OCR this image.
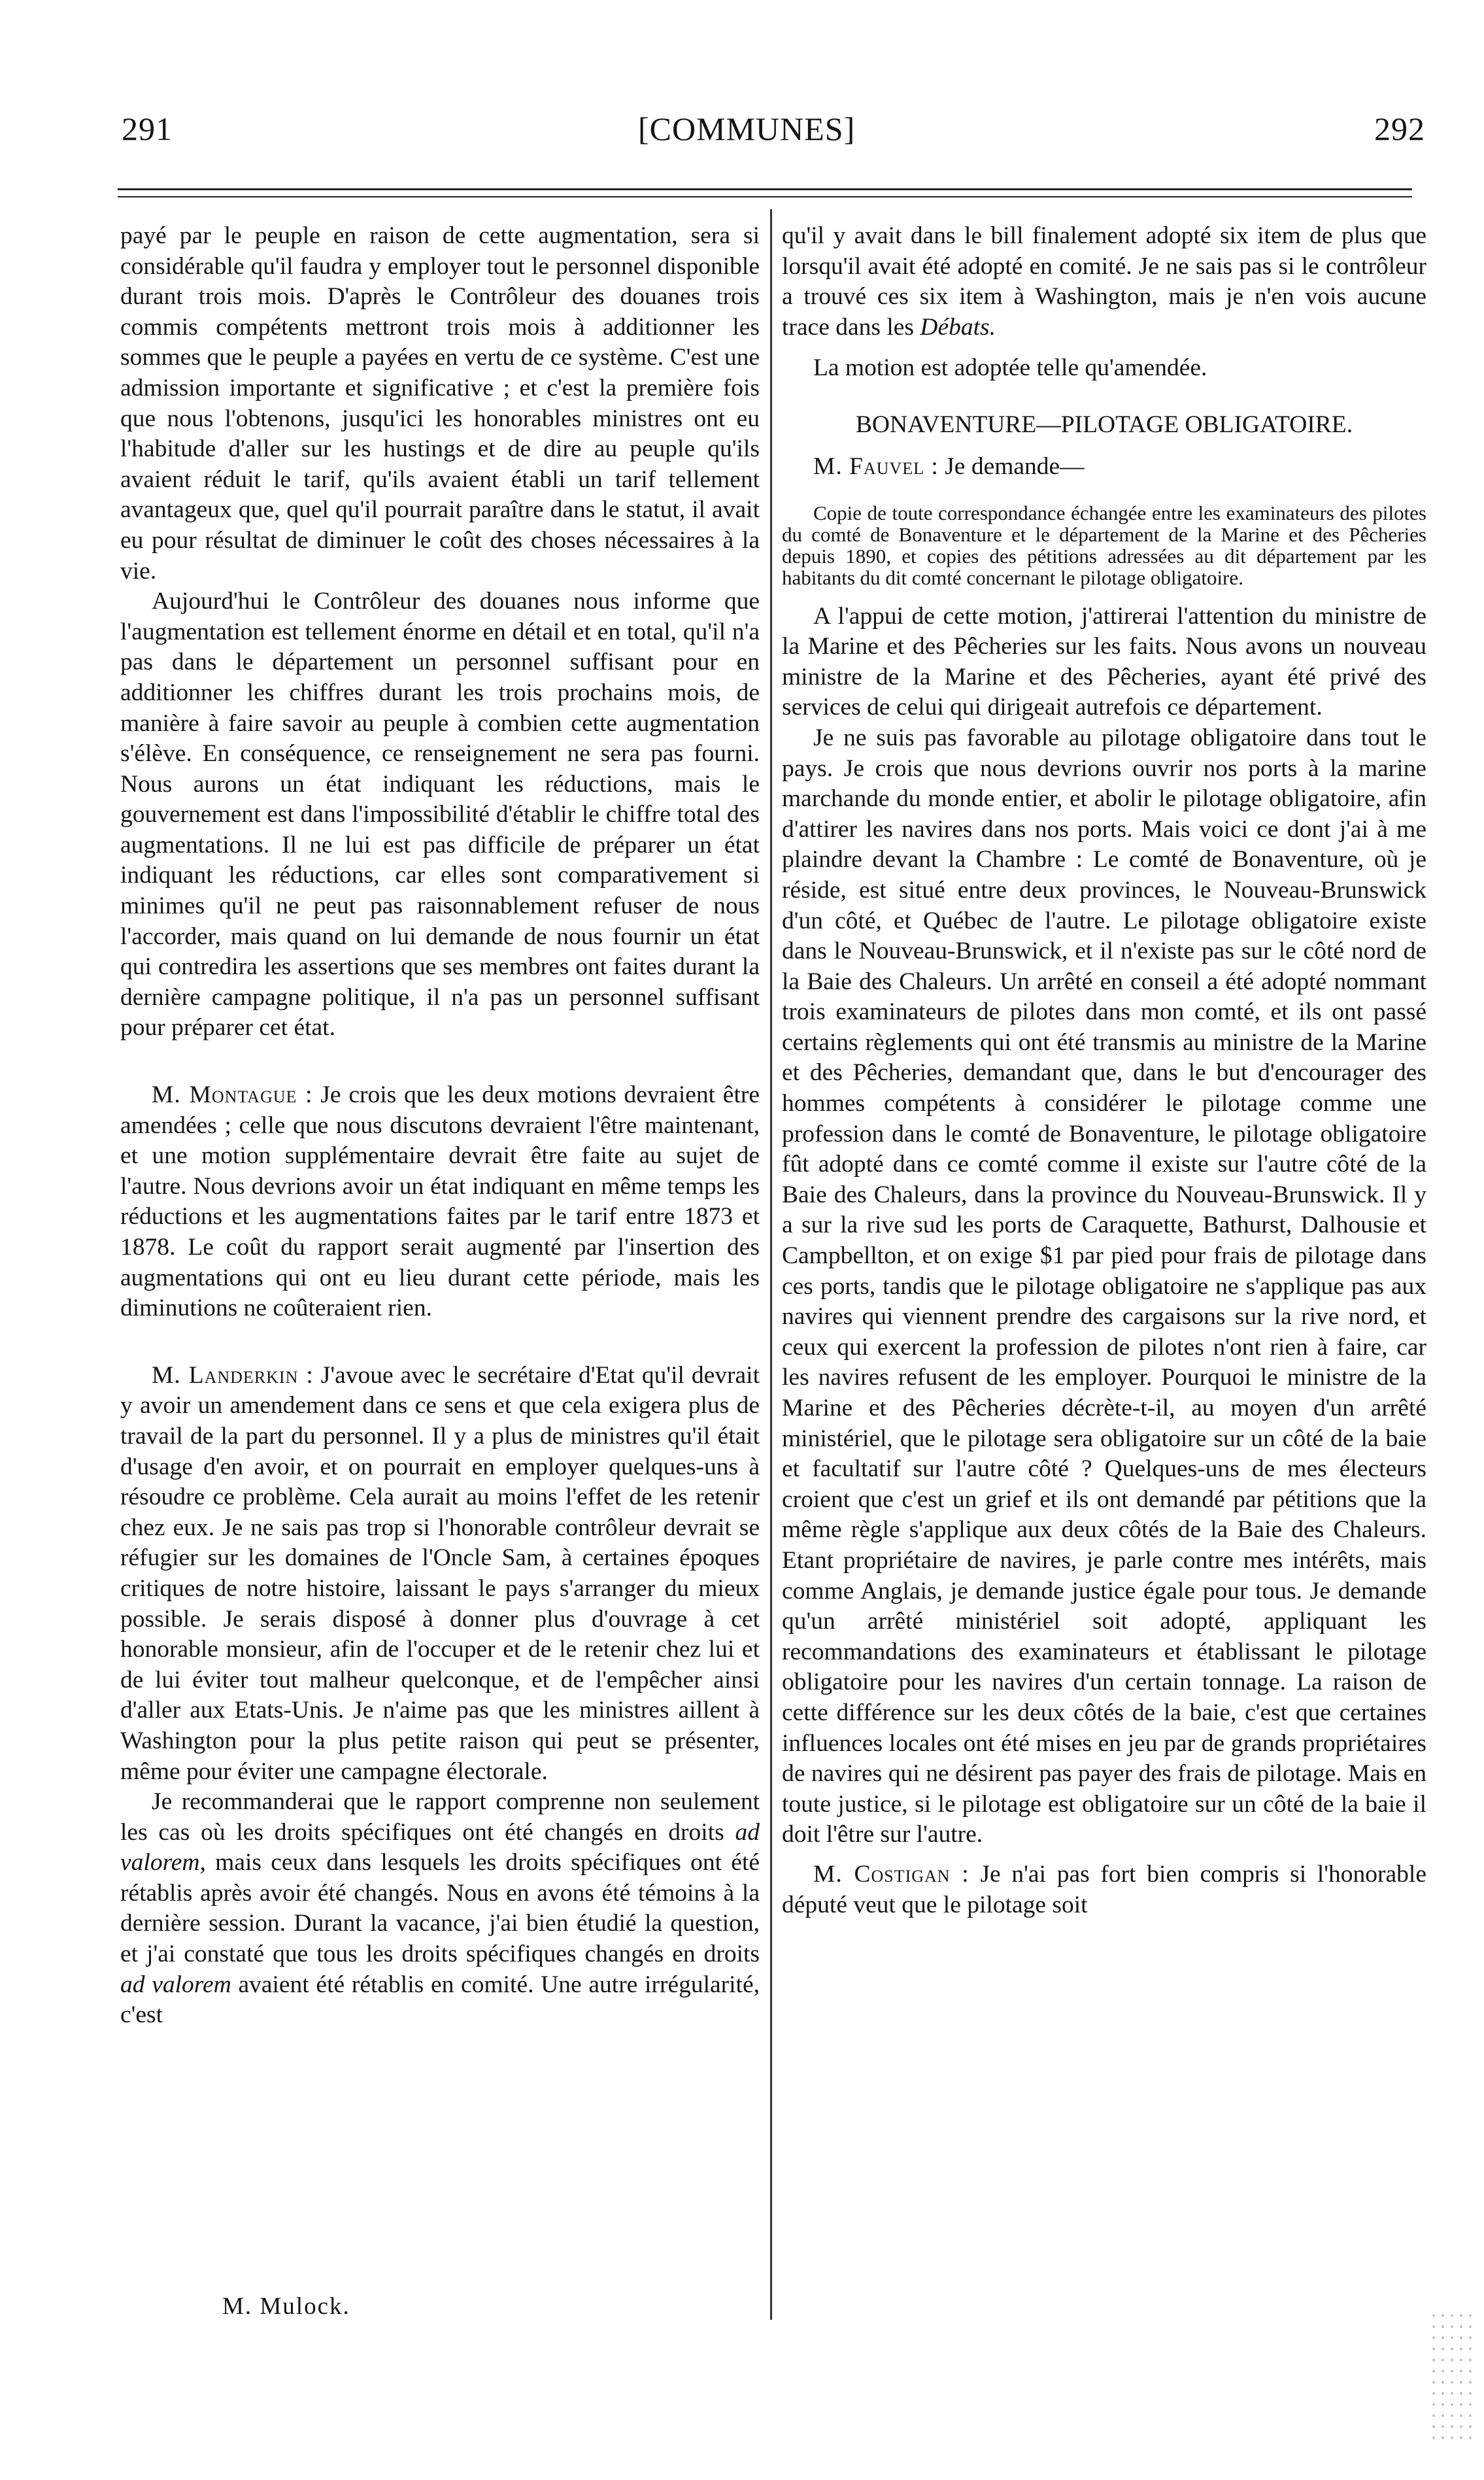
291	[COMMUNES]	292

payé par le peuple en raison de cette augmentation, sera si considérable qu'il faudra y employer tout le personnel disponible durant trois mois. D'après le Contrôleur des douanes trois commis compétents mettront trois mois à additionner les sommes que le peuple a payées en vertu de ce système. C'est une admission importante et significative ; et c'est la première fois que nous l'obtenons, jusqu'ici les honorables ministres ont eu l'habitude d'aller sur les hustings et de dire au peuple qu'ils avaient réduit le tarif, qu'ils avaient établi un tarif tellement avantageux que, quel qu'il pourrait paraître dans le statut, il avait eu pour résultat de diminuer le coût des choses nécessaires à la vie.

Aujourd'hui le Contrôleur des douanes nous informe que l'augmentation est tellement énorme en détail et en total, qu'il n'a pas dans le département un personnel suffisant pour en additionner les chiffres durant les trois prochains mois, de manière à faire savoir au peuple à combien cette augmentation s'élève. En conséquence, ce renseignement ne sera pas fourni. Nous aurons un état indiquant les réductions, mais le gouvernement est dans l'impossibilité d'établir le chiffre total des augmentations. Il ne lui est pas difficile de préparer un état indiquant les réductions, car elles sont comparativement si minimes qu'il ne peut pas raisonnablement refuser de nous l'accorder, mais quand on lui demande de nous fournir un état qui contredira les assertions que ses membres ont faites durant la dernière campagne politique, il n'a pas un personnel suffisant pour préparer cet état.

M. Montague : Je crois que les deux motions devraient être amendées ; celle que nous discutons devraient l'être maintenant, et une motion supplémentaire devrait être faite au sujet de l'autre. Nous devrions avoir un état indiquant en même temps les réductions et les augmentations faites par le tarif entre 1873 et 1878. Le coût du rapport serait augmenté par l'insertion des augmentations qui ont eu lieu durant cette période, mais les diminutions ne coûteraient rien.

M. Landerkin : J'avoue avec le secrétaire d'Etat qu'il devrait y avoir un amendement dans ce sens et que cela exigera plus de travail de la part du personnel. Il y a plus de ministres qu'il était d'usage d'en avoir, et on pourrait en employer quelques-uns à résoudre ce problème. Cela aurait au moins l'effet de les retenir chez eux. Je ne sais pas trop si l'honorable contrôleur devrait se réfugier sur les domaines de l'Oncle Sam, à certaines époques critiques de notre histoire, laissant le pays s'arranger du mieux possible. Je serais disposé à donner plus d'ouvrage à cet honorable monsieur, afin de l'occuper et de le retenir chez lui et de lui éviter tout malheur quelconque, et de l'empêcher ainsi d'aller aux Etats-Unis. Je n'aime pas que les ministres aillent à Washington pour la plus petite raison qui peut se présenter, même pour éviter une campagne électorale.

Je recommanderai que le rapport comprenne non seulement les cas où les droits spécifiques ont été changés en droits ad valorem, mais ceux dans lesquels les droits spécifiques ont été rétablis après avoir été changés. Nous en avons été témoins à la dernière session. Durant la vacance, j'ai bien étudié la question, et j'ai constaté que tous les droits spécifiques changés en droits ad valorem avaient été rétablis en comité. Une autre irrégularité, c'est

M. Mulock.

qu'il y avait dans le bill finalement adopté six item de plus que lorsqu'il avait été adopté en comité. Je ne sais pas si le contrôleur a trouvé ces six item à Washington, mais je n'en vois aucune trace dans les Débats.

La motion est adoptée telle qu'amendée.

BONAVENTURE—PILOTAGE OBLIGATOIRE.

M. Fauvel : Je demande—

Copie de toute correspondance échangée entre les examinateurs des pilotes du comté de Bonaventure et le département de la Marine et des Pêcheries depuis 1890, et copies des pétitions adressées au dit département par les habitants du dit comté concernant le pilotage obligatoire.

A l'appui de cette motion, j'attirerai l'attention du ministre de la Marine et des Pêcheries sur les faits. Nous avons un nouveau ministre de la Marine et des Pêcheries, ayant été privé des services de celui qui dirigeait autrefois ce département.

Je ne suis pas favorable au pilotage obligatoire dans tout le pays. Je crois que nous devrions ouvrir nos ports à la marine marchande du monde entier, et abolir le pilotage obligatoire, afin d'attirer les navires dans nos ports. Mais voici ce dont j'ai à me plaindre devant la Chambre : Le comté de Bonaventure, où je réside, est situé entre deux provinces, le Nouveau-Brunswick d'un côté, et Québec de l'autre. Le pilotage obligatoire existe dans le Nouveau-Brunswick, et il n'existe pas sur le côté nord de la Baie des Chaleurs. Un arrêté en conseil a été adopté nommant trois examinateurs de pilotes dans mon comté, et ils ont passé certains règlements qui ont été transmis au ministre de la Marine et des Pêcheries, demandant que, dans le but d'encourager des hommes compétents à considérer le pilotage comme une profession dans le comté de Bonaventure, le pilotage obligatoire fût adopté dans ce comté comme il existe sur l'autre côté de la Baie des Chaleurs, dans la province du Nouveau-Brunswick. Il y a sur la rive sud les ports de Caraquette, Bathurst, Dalhousie et Campbellton, et on exige $1 par pied pour frais de pilotage dans ces ports, tandis que le pilotage obligatoire ne s'applique pas aux navires qui viennent prendre des cargaisons sur la rive nord, et ceux qui exercent la profession de pilotes n'ont rien à faire, car les navires refusent de les employer. Pourquoi le ministre de la Marine et des Pêcheries décrète-t-il, au moyen d'un arrêté ministériel, que le pilotage sera obligatoire sur un côté de la baie et facultatif sur l'autre côté ? Quelques-uns de mes électeurs croient que c'est un grief et ils ont demandé par pétitions que la même règle s'applique aux deux côtés de la Baie des Chaleurs. Etant propriétaire de navires, je parle contre mes intérêts, mais comme Anglais, je demande justice égale pour tous. Je demande qu'un arrêté ministériel soit adopté, appliquant les recommandations des examinateurs et établissant le pilotage obligatoire pour les navires d'un certain tonnage. La raison de cette différence sur les deux côtés de la baie, c'est que certaines influences locales ont été mises en jeu par de grands propriétaires de navires qui ne désirent pas payer des frais de pilotage. Mais en toute justice, si le pilotage est obligatoire sur un côté de la baie il doit l'être sur l'autre.

M. Costigan : Je n'ai pas fort bien compris si l'honorable député veut que le pilotage soit
